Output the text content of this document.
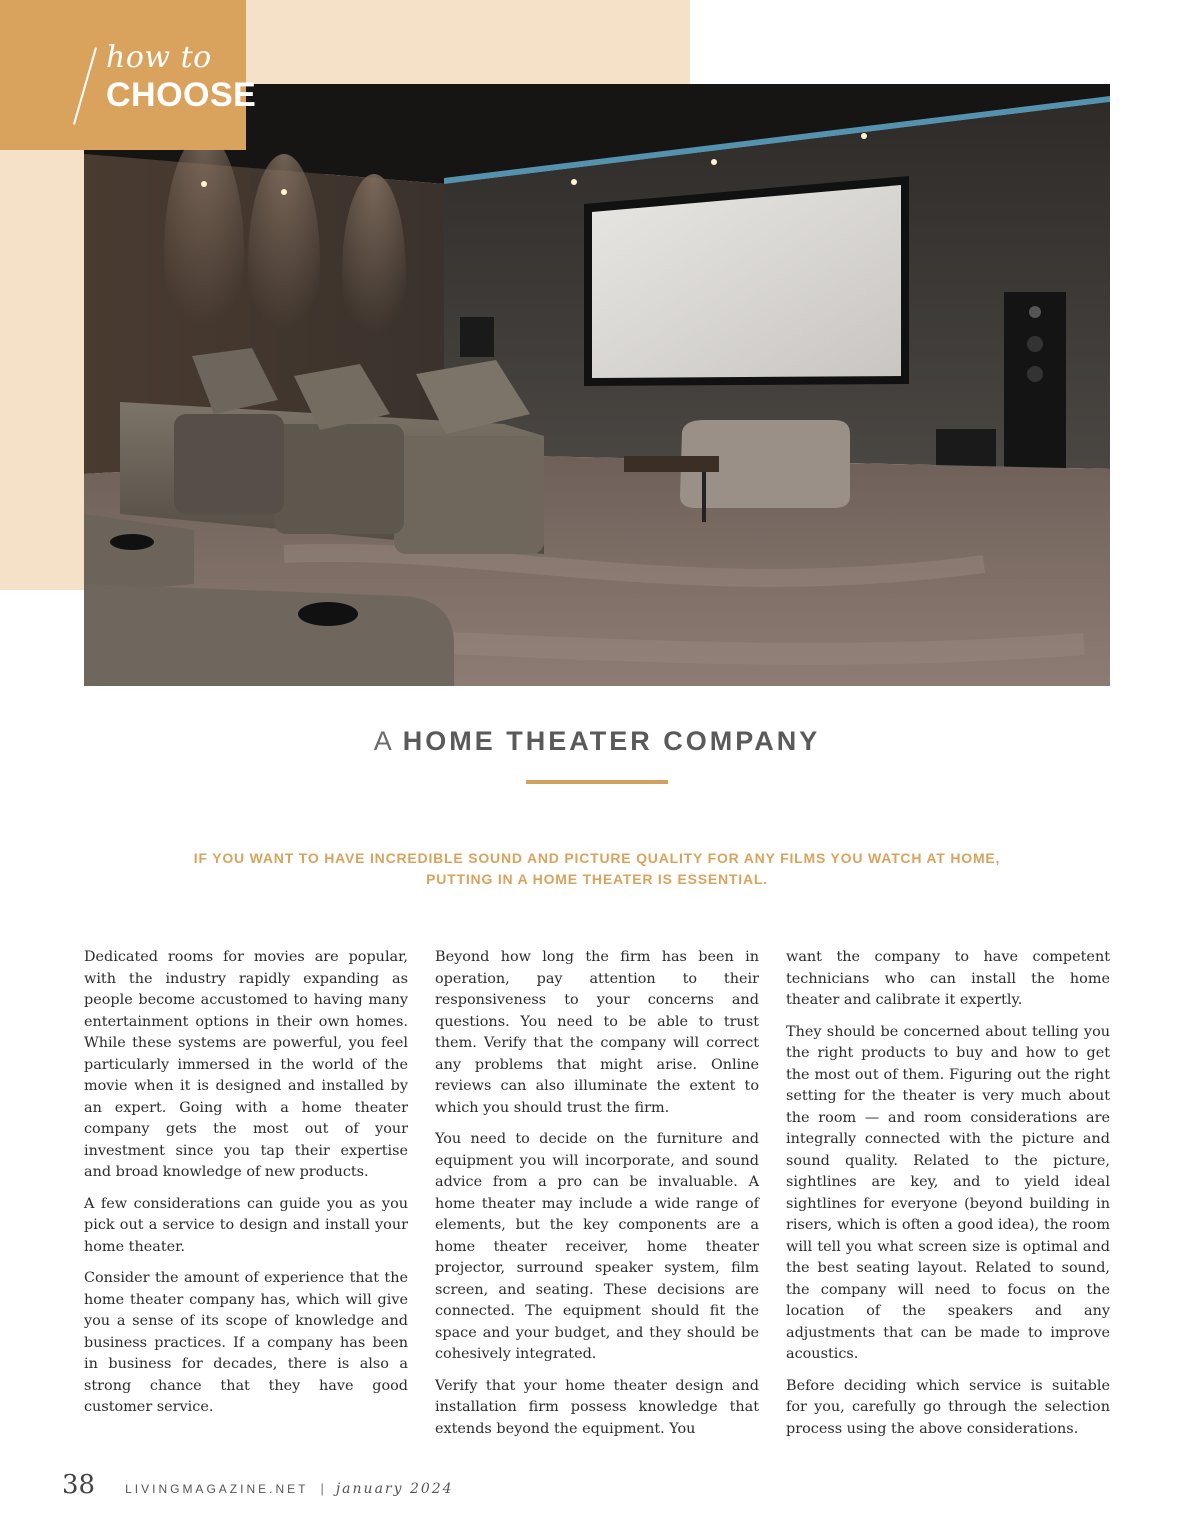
how to
CHOOSE
A HOME THEATER COMPANY
IF YOU WANT TO HAVE INCREDIBLE SOUND AND PICTURE QUALITY FOR ANY FILMS YOU WATCH AT HOME, PUTTING IN A HOME THEATER IS ESSENTIAL.

Dedicated rooms for movies are popular, with the industry rapidly expanding as people become accustomed to having many entertainment options in their own homes. While these systems are powerful, you feel particularly immersed in the world of the movie when it is designed and installed by an expert. Going with a home theater company gets the most out of your investment since you tap their expertise and broad knowledge of new products.

A few considerations can guide you as you pick out a service to design and install your home theater.

Consider the amount of experience that the home theater company has, which will give you a sense of its scope of knowledge and business practices. If a company has been in business for decades, there is also a strong chance that they have good customer service.

Beyond how long the firm has been in operation, pay attention to their responsiveness to your concerns and questions. You need to be able to trust them. Verify that the company will correct any problems that might arise. Online reviews can also illuminate the extent to which you should trust the firm.

You need to decide on the furniture and equipment you will incorporate, and sound advice from a pro can be invaluable. A home theater may include a wide range of elements, but the key components are a home theater receiver, home theater projector, surround speaker system, film screen, and seating. These decisions are connected. The equipment should fit the space and your budget, and they should be cohesively integrated.

Verify that your home theater design and installation firm possess knowledge that extends beyond the equipment. You

want the company to have competent technicians who can install the home theater and calibrate it expertly.

They should be concerned about telling you the right products to buy and how to get the most out of them. Figuring out the right setting for the theater is very much about the room — and room considerations are integrally connected with the picture and sound quality. Related to the picture, sightlines are key, and to yield ideal sightlines for everyone (beyond building in risers, which is often a good idea), the room will tell you what screen size is optimal and the best seating layout. Related to sound, the company will need to focus on the location of the speakers and any adjustments that can be made to improve acoustics.

Before deciding which service is suitable for you, carefully go through the selection process using the above considerations.

38	LIVINGMAGAZINE.NET | january 2024
